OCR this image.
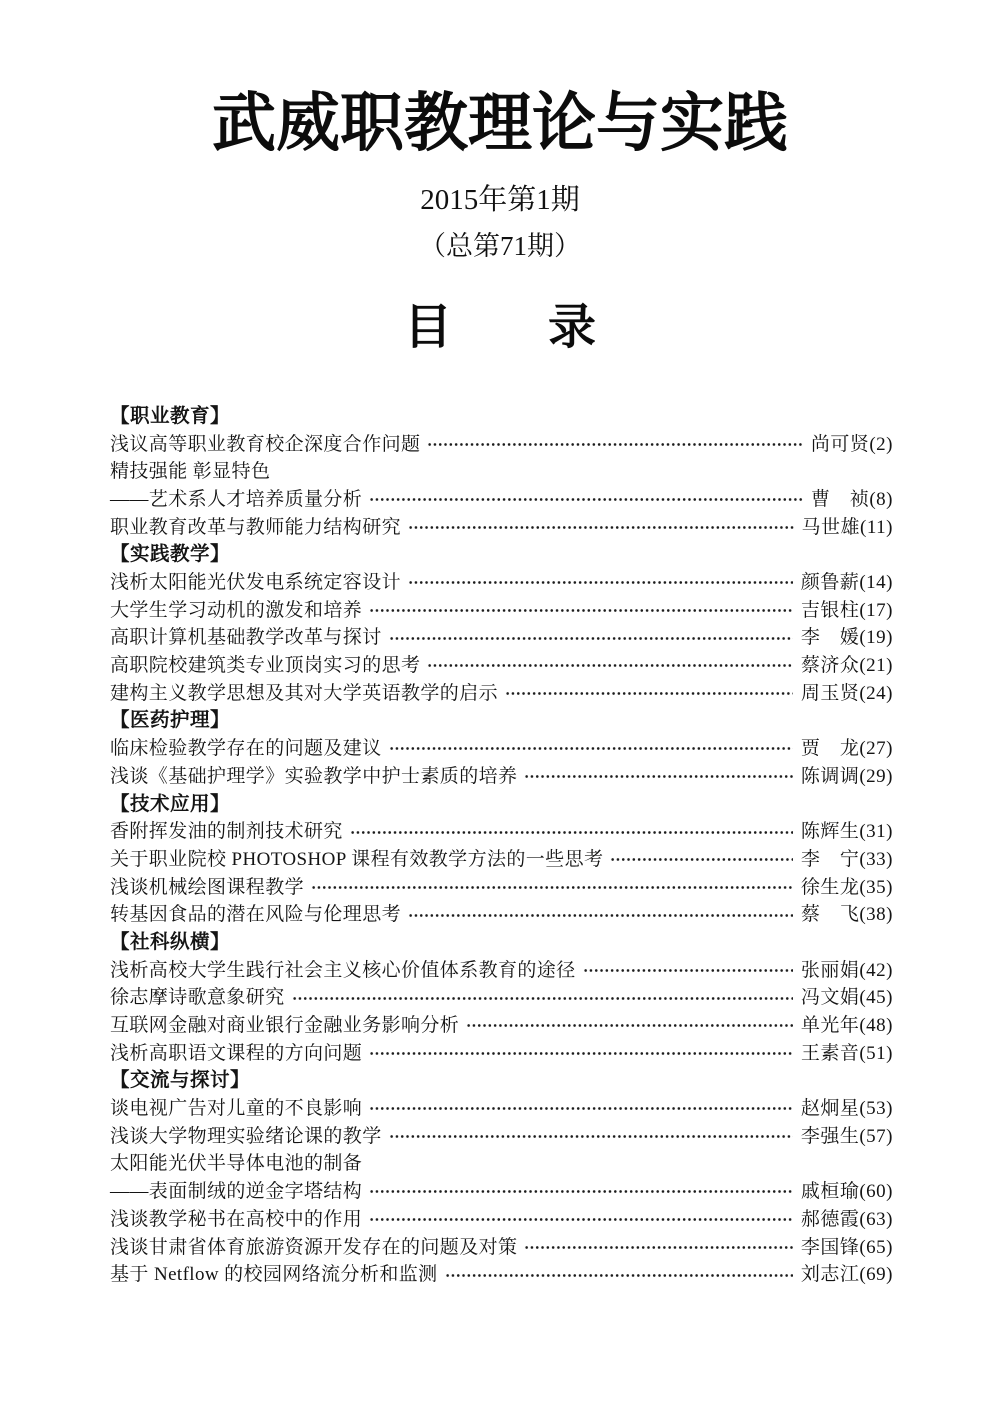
武威职教理论与实践
2015年第1期
（总第71期）
目　　录
【职业教育】
浅议高等职业教育校企深度合作问题	尚可贤(2)
精技强能 彰显特色
——艺术系人才培养质量分析	曹　祯(8)
职业教育改革与教师能力结构研究	马世雄(11)
【实践教学】
浅析太阳能光伏发电系统定容设计	颜鲁薪(14)
大学生学习动机的激发和培养	吉银柱(17)
高职计算机基础教学改革与探讨	李　媛(19)
高职院校建筑类专业顶岗实习的思考	蔡济众(21)
建构主义教学思想及其对大学英语教学的启示	周玉贤(24)
【医药护理】
临床检验教学存在的问题及建议	贾　龙(27)
浅谈《基础护理学》实验教学中护士素质的培养	陈调调(29)
【技术应用】
香附挥发油的制剂技术研究	陈辉生(31)
关于职业院校 PHOTOSHOP 课程有效教学方法的一些思考	李　宁(33)
浅谈机械绘图课程教学	徐生龙(35)
转基因食品的潜在风险与伦理思考	蔡　飞(38)
【社科纵横】
浅析高校大学生践行社会主义核心价值体系教育的途径	张丽娟(42)
徐志摩诗歌意象研究	冯文娟(45)
互联网金融对商业银行金融业务影响分析	单光年(48)
浅析高职语文课程的方向问题	王素音(51)
【交流与探讨】
谈电视广告对儿童的不良影响	赵炯星(53)
浅谈大学物理实验绪论课的教学	李强生(57)
太阳能光伏半导体电池的制备
——表面制绒的逆金字塔结构	戚桓瑜(60)
浅谈教学秘书在高校中的作用	郝德霞(63)
浅谈甘肃省体育旅游资源开发存在的问题及对策	李国锋(65)
基于 Netflow 的校园网络流分析和监测	刘志江(69)
